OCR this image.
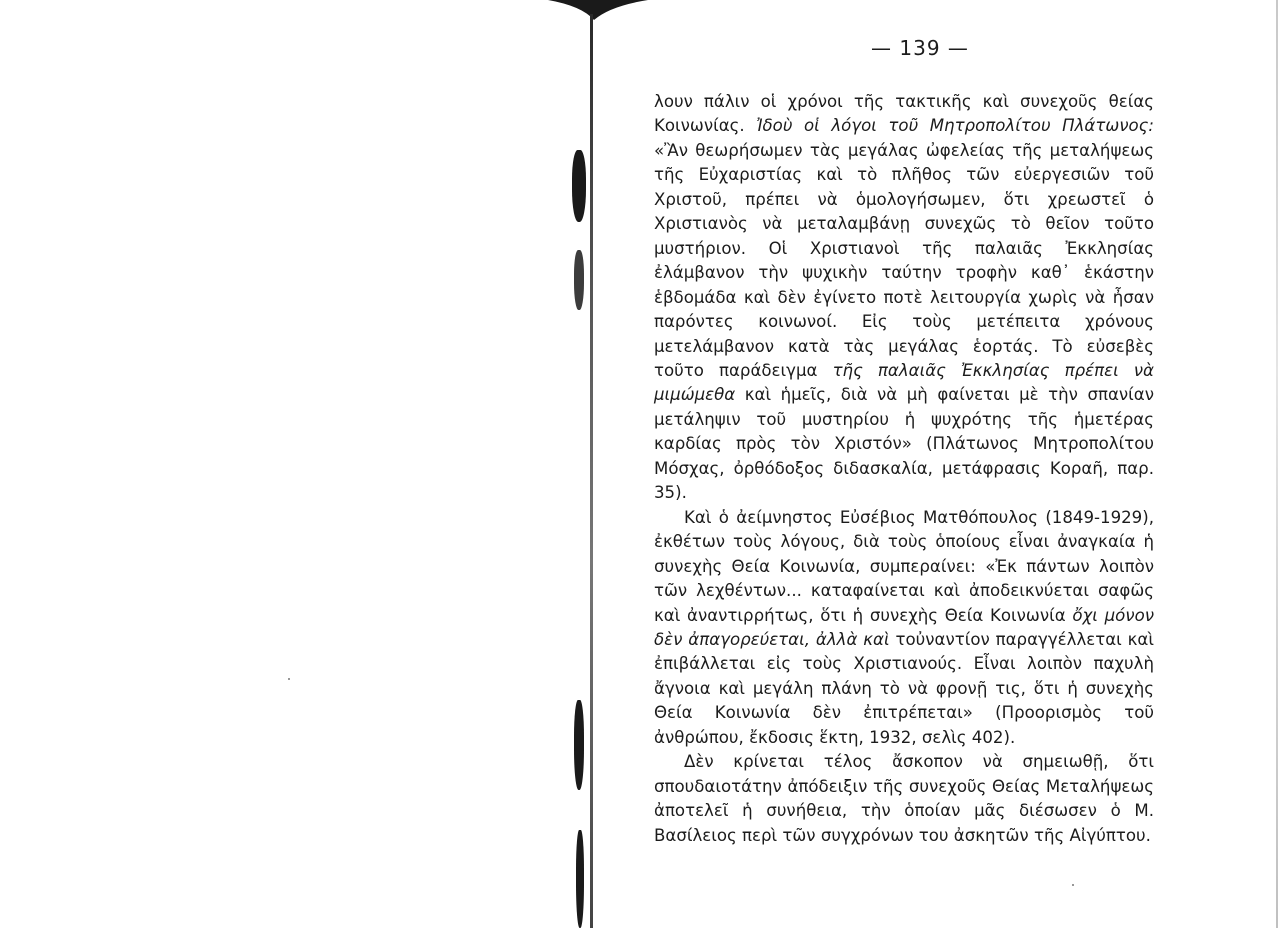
— 139 —

λουν πάλιν οἱ χρόνοι τῆς τακτικῆς καὶ συνεχοῦς θείας Κοινωνίας. Ἰδοὺ οἱ λόγοι τοῦ Μητροπολίτου Πλάτωνος: «Ἂν θεωρήσωμεν τὰς μεγάλας ὠφελείας τῆς μεταλήψεως τῆς Εὐχαριστίας καὶ τὸ πλῆθος τῶν εὐεργεσιῶν τοῦ Χριστοῦ, πρέπει νὰ ὁμολογήσωμεν, ὅτι χρεωστεῖ ὁ Χριστιανὸς νὰ μεταλαμβάνῃ συνεχῶς τὸ θεῖον τοῦτο μυστήριον. Οἱ Χριστιανοὶ τῆς παλαιᾶς Ἐκκλησίας ἐλάμβανον τὴν ψυχικὴν ταύτην τροφὴν καθ᾽ ἑκάστην ἑβδομάδα καὶ δὲν ἐγίνετο ποτὲ λειτουργία χωρὶς νὰ ἦσαν παρόντες κοινωνοί. Εἰς τοὺς μετέπειτα χρόνους μετελάμβανον κατὰ τὰς μεγάλας ἑορτάς. Τὸ εὐσεβὲς τοῦτο παράδειγμα τῆς παλαιᾶς Ἐκκλησίας πρέπει νὰ μιμώμεθα καὶ ἡμεῖς, διὰ νὰ μὴ φαίνεται μὲ τὴν σπανίαν μετάληψιν τοῦ μυστηρίου ἡ ψυχρότης τῆς ἡμετέρας καρδίας πρὸς τὸν Χριστόν» (Πλάτωνος Μητροπολίτου Μόσχας, ὀρθόδοξος διδασκαλία, μετάφρασις Κοραῆ, παρ. 35).

Καὶ ὁ ἀείμνηστος Εὐσέβιος Ματθόπουλος (1849-1929), ἐκθέτων τοὺς λόγους, διὰ τοὺς ὁποίους εἶναι ἀναγκαία ἡ συνεχὴς Θεία Κοινωνία, συμπεραίνει: «Ἐκ πάντων λοιπὸν τῶν λεχθέντων... καταφαίνεται καὶ ἀποδεικνύεται σαφῶς καὶ ἀναντιρρήτως, ὅτι ἡ συνεχὴς Θεία Κοινωνία ὄχι μόνον δὲν ἀπαγορεύεται, ἀλλὰ καὶ τοὐναντίον παραγγέλλεται καὶ ἐπιβάλλεται εἰς τοὺς Χριστιανούς. Εἶναι λοιπὸν παχυλὴ ἄγνοια καὶ μεγάλη πλάνη τὸ νὰ φρονῇ τις, ὅτι ἡ συνεχὴς Θεία Κοινωνία δὲν ἐπιτρέπεται» (Προορισμὸς τοῦ ἀνθρώπου, ἔκδοσις ἕκτη, 1932, σελὶς 402).

Δὲν κρίνεται τέλος ἄσκοπον νὰ σημειωθῇ, ὅτι σπουδαιοτάτην ἀπόδειξιν τῆς συνεχοῦς Θείας Μεταλήψεως ἀποτελεῖ ἡ συνήθεια, τὴν ὁποίαν μᾶς διέσωσεν ὁ Μ. Βασίλειος περὶ τῶν συγχρόνων του ἀσκητῶν τῆς Αἰγύπτου.
